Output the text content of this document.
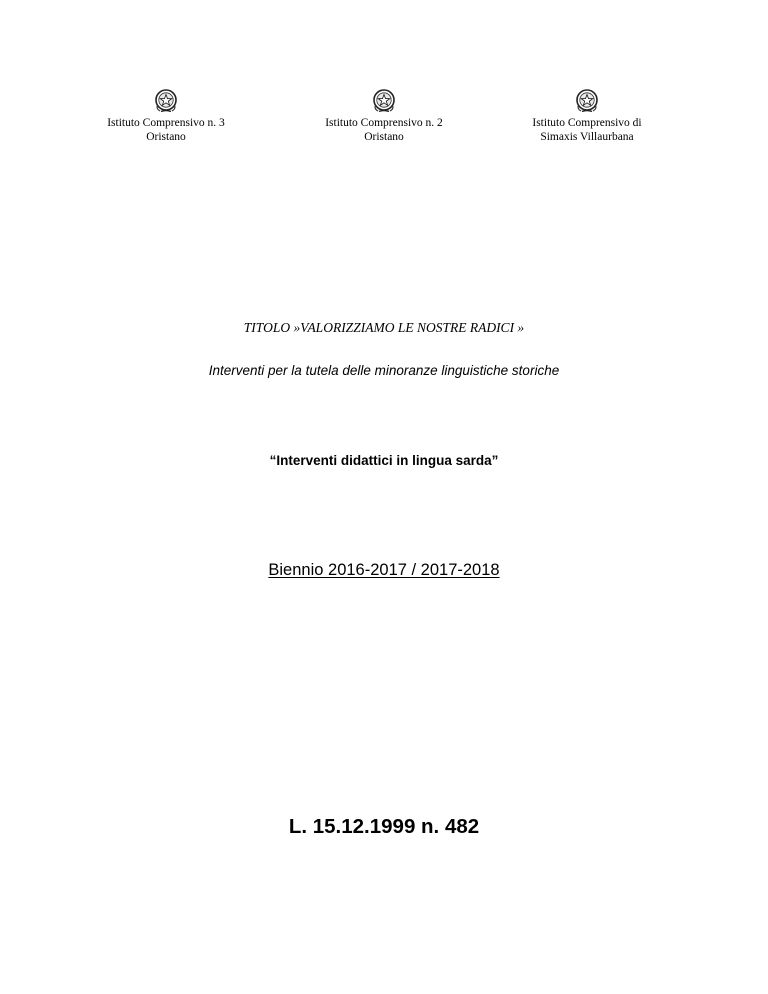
Istituto Comprensivo n. 3
Oristano
Istituto Comprensivo n. 2
Oristano
Istituto Comprensivo di
Simaxis Villaurbana
TITOLO »VALORIZZIAMO LE NOSTRE RADICI »
Interventi per la tutela delle minoranze linguistiche storiche
“Interventi didattici in lingua sarda”
Biennio 2016-2017 / 2017-2018
L. 15.12.1999 n. 482
